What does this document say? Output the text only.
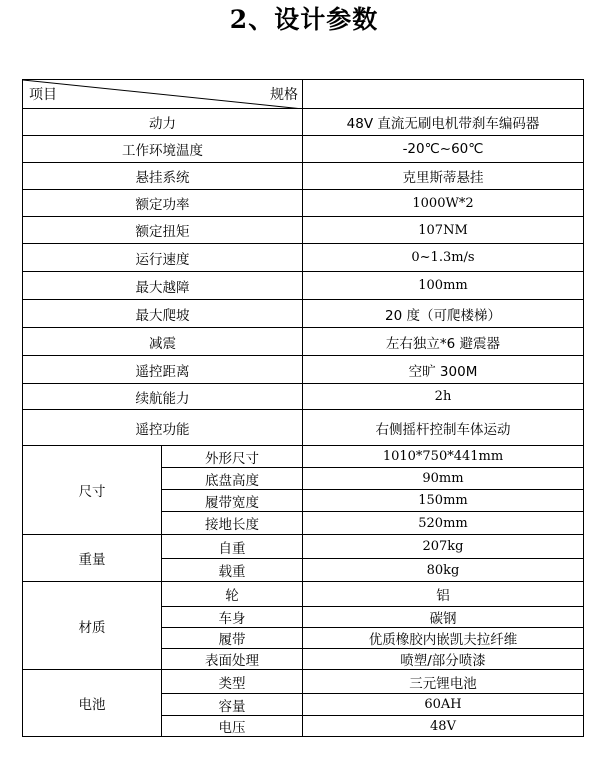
2、设计参数
项目 规格		

动力		48V 直流无刷电机带刹车编码器
工作环境温度		-20℃~60℃
悬挂系统		克里斯蒂悬挂
额定功率		1000W*2
额定扭矩		107NM
运行速度		0~1.3m/s
最大越障		100mm
最大爬坡		20 度（可爬楼梯）
减震		左右独立*6 避震器
遥控距离		空旷 300M
续航能力		2h
遥控功能		右侧摇杆控制车体运动
尺寸	外形尺寸	1010*750*441mm
	底盘高度	90mm
	履带宽度	150mm
	接地长度	520mm
重量	自重	207kg
	载重	80kg
材质	轮	铝
	车身	碳钢
	履带	优质橡胶内嵌凯夫拉纤维
	表面处理	喷塑/部分喷漆
电池	类型	三元锂电池
	容量	60AH
	电压	48V
